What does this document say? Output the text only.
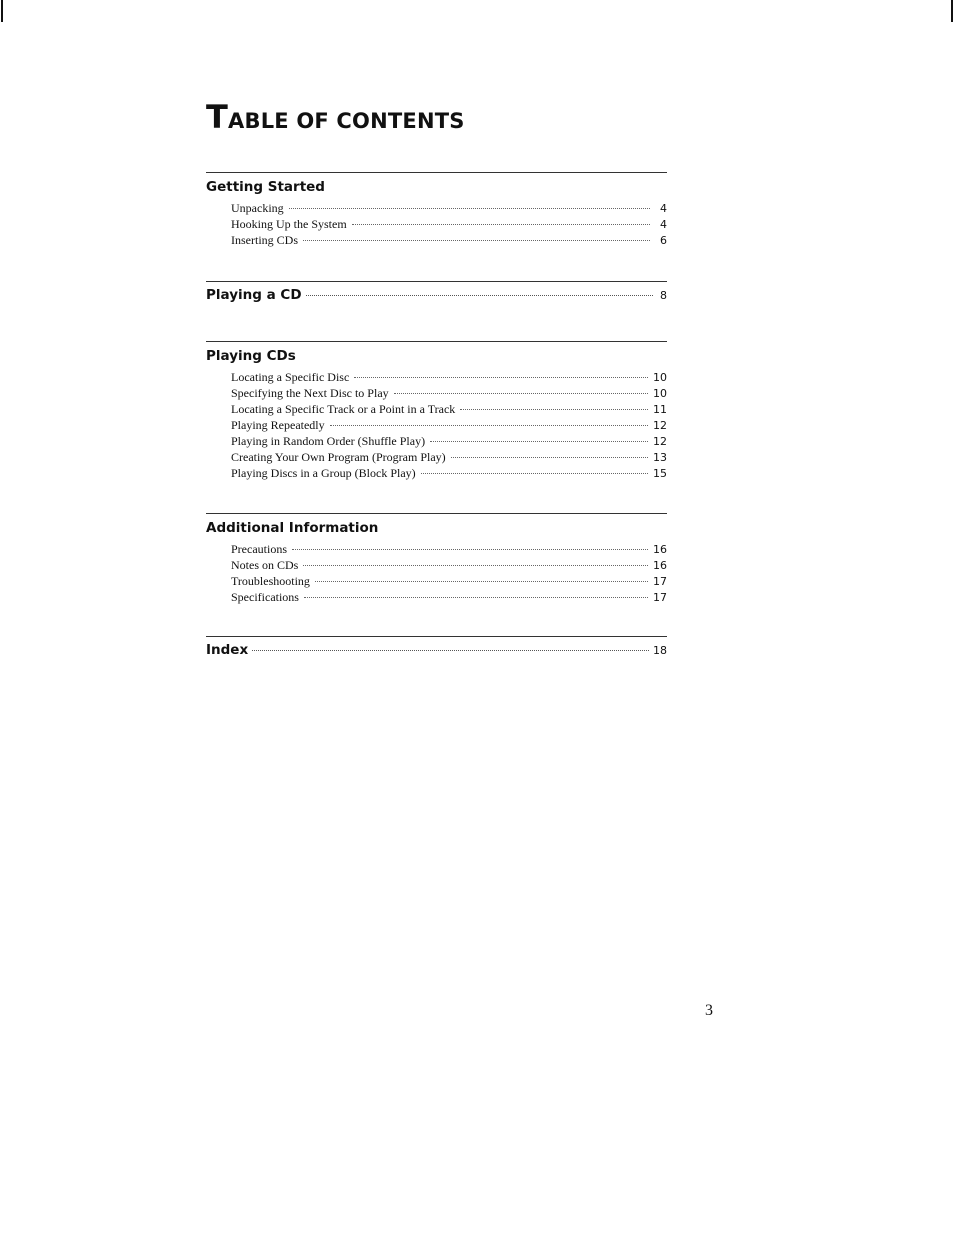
TABLE OF CONTENTS
Getting Started
Unpacking	4
Hooking Up the System	4
Inserting CDs	6
Playing a CD	8
Playing CDs
Locating a Specific Disc	10
Specifying the Next Disc to Play	10
Locating a Specific Track or a Point in a Track	11
Playing Repeatedly	12
Playing in Random Order (Shuffle Play)	12
Creating Your Own Program (Program Play)	13
Playing Discs in a Group (Block Play)	15
Additional Information
Precautions	16
Notes on CDs	16
Troubleshooting	17
Specifications	17
Index	18
3
